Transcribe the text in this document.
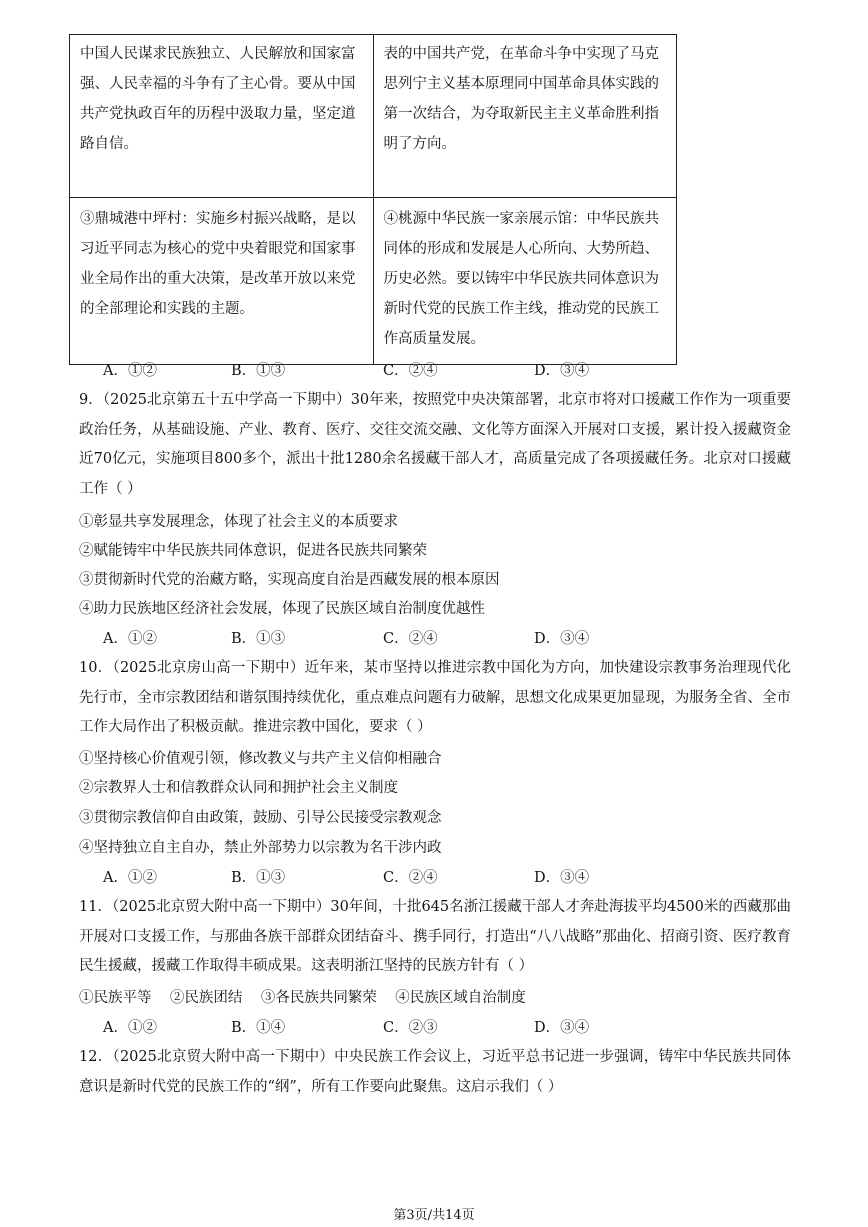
中国人民谋求民族独立、人民解放和国家富强、人民幸福的斗争有了主心骨。要从中国共产党执政百年的历程中汲取力量，坚定道路自信。	表的中国共产党，在革命斗争中实现了马克思列宁主义基本原理同中国革命具体实践的第一次结合，为夺取新民主主义革命胜利指明了方向。
③鼎城港中坪村：实施乡村振兴战略，是以习近平同志为核心的党中央着眼党和国家事业全局作出的重大决策，是改革开放以来党的全部理论和实践的主题。	④桃源中华民族一家亲展示馆：中华民族共同体的形成和发展是人心所向、大势所趋、历史必然。要以铸牢中华民族共同体意识为新时代党的民族工作主线，推动党的民族工作高质量发展。
A．①②	B．①③	C．②④	D．③④
9．（2025北京第五十五中学高一下期中）30年来，按照党中央决策部署，北京市将对口援藏工作作为一项重要政治任务，从基础设施、产业、教育、医疗、交往交流交融、文化等方面深入开展对口支援，累计投入援藏资金近70亿元，实施项目800多个，派出十批1280余名援藏干部人才，高质量完成了各项援藏任务。北京对口援藏工作（ ）
①彰显共享发展理念，体现了社会主义的本质要求
②赋能铸牢中华民族共同体意识，促进各民族共同繁荣
③贯彻新时代党的治藏方略，实现高度自治是西藏发展的根本原因
④助力民族地区经济社会发展，体现了民族区域自治制度优越性
A．①②	B．①③	C．②④	D．③④
10．（2025北京房山高一下期中）近年来，某市坚持以推进宗教中国化为方向，加快建设宗教事务治理现代化先行市，全市宗教团结和谐氛围持续优化，重点难点问题有力破解，思想文化成果更加显现，为服务全省、全市工作大局作出了积极贡献。推进宗教中国化，要求（ ）
①坚持核心价值观引领，修改教义与共产主义信仰相融合
②宗教界人士和信教群众认同和拥护社会主义制度
③贯彻宗教信仰自由政策，鼓励、引导公民接受宗教观念
④坚持独立自主自办，禁止外部势力以宗教为名干涉内政
A．①②	B．①③	C．②④	D．③④
11．（2025北京贸大附中高一下期中）30年间，十批645名浙江援藏干部人才奔赴海拔平均4500米的西藏那曲开展对口支援工作，与那曲各族干部群众团结奋斗、携手同行，打造出“八八战略”那曲化、招商引资、医疗教育民生援藏，援藏工作取得丰硕成果。这表明浙江坚持的民族方针有（ ）
①民族平等    ②民族团结    ③各民族共同繁荣    ④民族区域自治制度
A．①②	B．①④	C．②③	D．③④
12．（2025北京贸大附中高一下期中）中央民族工作会议上，习近平总书记进一步强调，铸牢中华民族共同体意识是新时代党的民族工作的“纲”，所有工作要向此聚焦。这启示我们（ ）
第3页/共14页
